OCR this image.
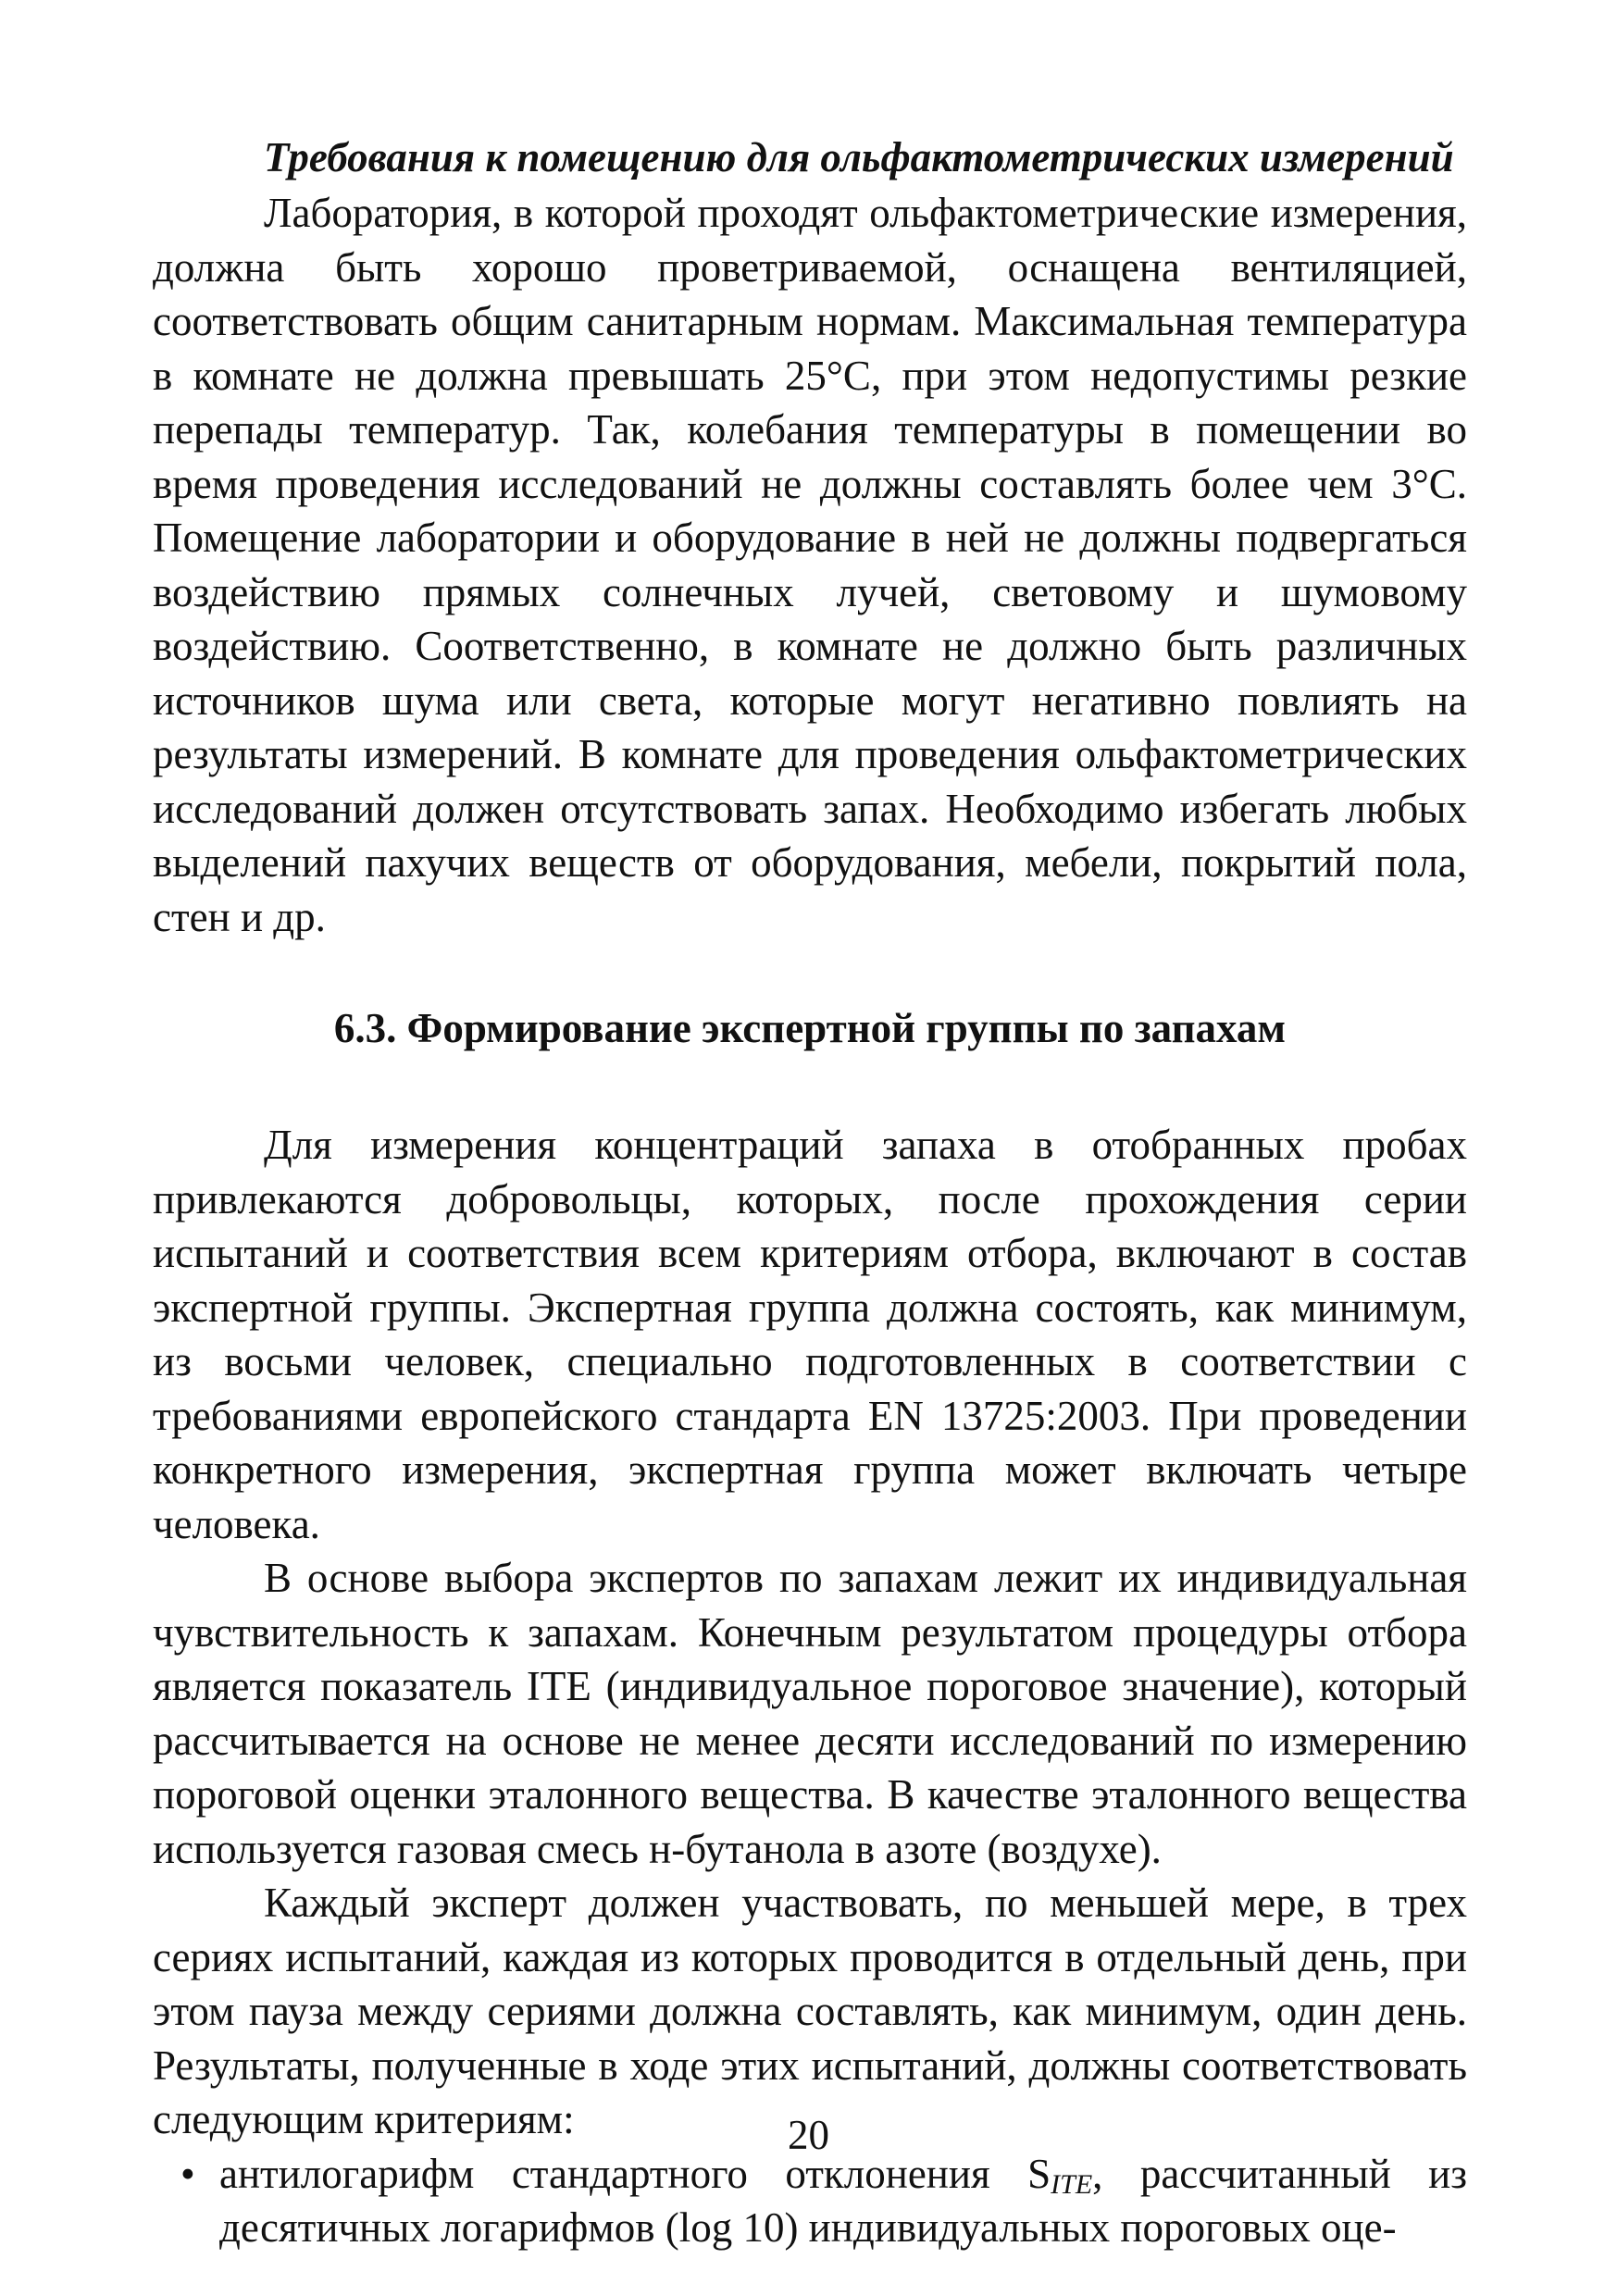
Требования к помещению для ольфактометрических измерений

Лаборатория, в которой проходят ольфактометрические измерения, должна быть хорошо проветриваемой, оснащена вентиляцией, соответствовать общим санитарным нормам. Максимальная температура в комнате не должна превышать 25°С, при этом недопустимы резкие перепады температур. Так, колебания температуры в помещении во время проведения исследований не должны составлять более чем 3°С. Помещение лаборатории и оборудование в ней не должны подвергаться воздействию прямых солнечных лучей, световому и шумовому воздействию. Соответственно, в комнате не должно быть различных источников шума или света, которые могут негативно повлиять на результаты измерений. В комнате для проведения ольфактометрических исследований должен отсутствовать запах. Необходимо избегать любых выделений пахучих веществ от оборудования, мебели, покрытий пола, стен и др.

6.3. Формирование экспертной группы по запахам

Для измерения концентраций запаха в отобранных пробах привлекаются добровольцы, которых, после прохождения серии испытаний и соответствия всем критериям отбора, включают в состав экспертной группы. Экспертная группа должна состоять, как минимум, из восьми человек, специально подготовленных в соответствии с требованиями европейского стандарта EN 13725:2003. При проведении конкретного измерения, экспертная группа может включать четыре человека.

В основе выбора экспертов по запахам лежит их индивидуальная чувствительность к запахам. Конечным результатом процедуры отбора является показатель ITE (индивидуальное пороговое значение), который рассчитывается на основе не менее десяти исследований по измерению пороговой оценки эталонного вещества. В качестве эталонного вещества используется газовая смесь н-бутанола в азоте (воздухе).

Каждый эксперт должен участвовать, по меньшей мере, в трех сериях испытаний, каждая из которых проводится в отдельный день, при этом пауза между сериями должна составлять, как минимум, один день. Результаты, полученные в ходе этих испытаний, должны соответствовать следующим критериям:

• антилогарифм стандартного отклонения $S_{ITE}$, рассчитанный из десятичных логарифмов (log 10) индивидуальных пороговых оце-
20
